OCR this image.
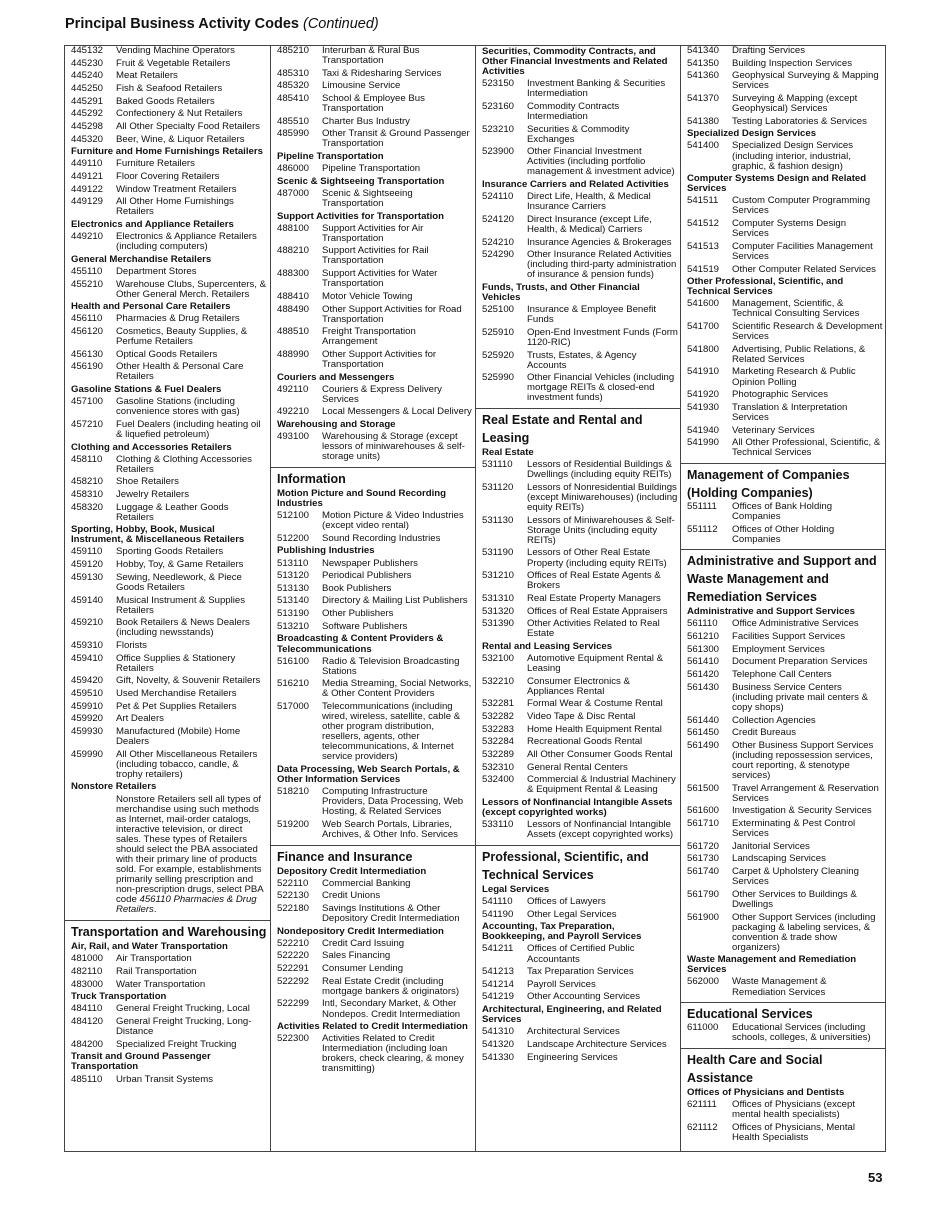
Principal Business Activity Codes (Continued)
445132	Vending Machine Operators
445230	Fruit & Vegetable Retailers
445240	Meat Retailers
445250	Fish & Seafood Retailers
445291	Baked Goods Retailers
445292	Confectionery & Nut Retailers
445298	All Other Specialty Food Retailers
445320	Beer, Wine, & Liquor Retailers
Furniture and Home Furnishings Retailers
449110	Furniture Retailers
449121	Floor Covering Retailers
449122	Window Treatment Retailers
449129	All Other Home Furnishings Retailers
Electronics and Appliance Retailers
449210	Electronics & Appliance Retailers (including computers)
General Merchandise Retailers
455110	Department Stores
455210	Warehouse Clubs, Supercenters, & Other General Merch. Retailers
Health and Personal Care Retailers
456110	Pharmacies & Drug Retailers
456120	Cosmetics, Beauty Supplies, & Perfume Retailers
456130	Optical Goods Retailers
456190	Other Health & Personal Care Retailers
Gasoline Stations & Fuel Dealers
457100	Gasoline Stations (including convenience stores with gas)
457210	Fuel Dealers (including heating oil & liquefied petroleum)
Clothing and Accessories Retailers
458110	Clothing & Clothing Accessories Retailers
458210	Shoe Retailers
458310	Jewelry Retailers
458320	Luggage & Leather Goods Retailers
Sporting, Hobby, Book, Musical Instrument, & Miscellaneous Retailers
459110	Sporting Goods Retailers
459120	Hobby, Toy, & Game Retailers
459130	Sewing, Needlework, & Piece Goods Retailers
459140	Musical Instrument & Supplies Retailers
459210	Book Retailers & News Dealers (including newsstands)
459310	Florists
459410	Office Supplies & Stationery Retailers
459420	Gift, Novelty, & Souvenir Retailers
459510	Used Merchandise Retailers
459910	Pet & Pet Supplies Retailers
459920	Art Dealers
459930	Manufactured (Mobile) Home Dealers
459990	All Other Miscellaneous Retailers (including tobacco, candle, & trophy retailers)
Nonstore Retailers
Nonstore Retailers sell all types of merchandise using such methods as Internet, mail-order catalogs, interactive television, or direct sales. These types of Retailers should select the PBA associated with their primary line of products sold. For example, establishments primarily selling prescription and non-prescription drugs, select PBA code 456110 Pharmacies & Drug Retailers.
Transportation and Warehousing
Air, Rail, and Water Transportation
481000	Air Transportation
482110	Rail Transportation
483000	Water Transportation
Truck Transportation
484110	General Freight Trucking, Local
484120	General Freight Trucking, Long-Distance
484200	Specialized Freight Trucking
Transit and Ground Passenger Transportation
485110	Urban Transit Systems
485210	Interurban & Rural Bus Transportation
485310	Taxi & Ridesharing Services
485320	Limousine Service
485410	School & Employee Bus Transportation
485510	Charter Bus Industry
485990	Other Transit & Ground Passenger Transportation
Pipeline Transportation
486000	Pipeline Transportation
Scenic & Sightseeing Transportation
487000	Scenic & Sightseeing Transportation
Support Activities for Transportation
488100	Support Activities for Air Transportation
488210	Support Activities for Rail Transportation
488300	Support Activities for Water Transportation
488410	Motor Vehicle Towing
488490	Other Support Activities for Road Transportation
488510	Freight Transportation Arrangement
488990	Other Support Activities for Transportation
Couriers and Messengers
492110	Couriers & Express Delivery Services
492210	Local Messengers & Local Delivery
Warehousing and Storage
493100	Warehousing & Storage (except lessors of miniwarehouses & self-storage units)
Information
Motion Picture and Sound Recording Industries
512100	Motion Picture & Video Industries (except video rental)
512200	Sound Recording Industries
Publishing Industries
513110	Newspaper Publishers
513120	Periodical Publishers
513130	Book Publishers
513140	Directory & Mailing List Publishers
513190	Other Publishers
513210	Software Publishers
Broadcasting & Content Providers & Telecommunications
516100	Radio & Television Broadcasting Stations
516210	Media Streaming, Social Networks, & Other Content Providers
517000	Telecommunications (including wired, wireless, satellite, cable & other program distribution, resellers, agents, other telecommunications, & Internet service providers)
Data Processing, Web Search Portals, & Other Information Services
518210	Computing Infrastructure Providers, Data Processing, Web Hosting, & Related Services
519200	Web Search Portals, Libraries, Archives, & Other Info. Services
Finance and Insurance
Depository Credit Intermediation
522110	Commercial Banking
522130	Credit Unions
522180	Savings Institutions & Other Depository Credit Intermediation
Nondepository Credit Intermediation
522210	Credit Card Issuing
522220	Sales Financing
522291	Consumer Lending
522292	Real Estate Credit (including mortgage bankers & originators)
522299	Intl, Secondary Market, & Other Nondepos. Credit Intermediation
Activities Related to Credit Intermediation
522300	Activities Related to Credit Intermediation (including loan brokers, check clearing, & money transmitting)
Securities, Commodity Contracts, and Other Financial Investments and Related Activities
523150	Investment Banking & Securities Intermediation
523160	Commodity Contracts Intermediation
523210	Securities & Commodity Exchanges
523900	Other Financial Investment Activities (including portfolio management & investment advice)
Insurance Carriers and Related Activities
524110	Direct Life, Health, & Medical Insurance Carriers
524120	Direct Insurance (except Life, Health, & Medical) Carriers
524210	Insurance Agencies & Brokerages
524290	Other Insurance Related Activities (including third-party administration of insurance & pension funds)
Funds, Trusts, and Other Financial Vehicles
525100	Insurance & Employee Benefit Funds
525910	Open-End Investment Funds (Form 1120-RIC)
525920	Trusts, Estates, & Agency Accounts
525990	Other Financial Vehicles (including mortgage REITs & closed-end investment funds)
Real Estate and Rental and Leasing
Real Estate
531110	Lessors of Residential Buildings & Dwellings (including equity REITs)
531120	Lessors of Nonresidential Buildings (except Miniwarehouses) (including equity REITs)
531130	Lessors of Miniwarehouses & Self-Storage Units (including equity REITs)
531190	Lessors of Other Real Estate Property (including equity REITs)
531210	Offices of Real Estate Agents & Brokers
531310	Real Estate Property Managers
531320	Offices of Real Estate Appraisers
531390	Other Activities Related to Real Estate
Rental and Leasing Services
532100	Automotive Equipment Rental & Leasing
532210	Consumer Electronics & Appliances Rental
532281	Formal Wear & Costume Rental
532282	Video Tape & Disc Rental
532283	Home Health Equipment Rental
532284	Recreational Goods Rental
532289	All Other Consumer Goods Rental
532310	General Rental Centers
532400	Commercial & Industrial Machinery & Equipment Rental & Leasing
Lessors of Nonfinancial Intangible Assets (except copyrighted works)
533110	Lessors of Nonfinancial Intangible Assets (except copyrighted works)
Professional, Scientific, and Technical Services
Legal Services
541110	Offices of Lawyers
541190	Other Legal Services
Accounting, Tax Preparation, Bookkeeping, and Payroll Services
541211	Offices of Certified Public Accountants
541213	Tax Preparation Services
541214	Payroll Services
541219	Other Accounting Services
Architectural, Engineering, and Related Services
541310	Architectural Services
541320	Landscape Architecture Services
541330	Engineering Services
541340	Drafting Services
541350	Building Inspection Services
541360	Geophysical Surveying & Mapping Services
541370	Surveying & Mapping (except Geophysical) Services
541380	Testing Laboratories & Services
Specialized Design Services
541400	Specialized Design Services (including interior, industrial, graphic, & fashion design)
Computer Systems Design and Related Services
541511	Custom Computer Programming Services
541512	Computer Systems Design Services
541513	Computer Facilities Management Services
541519	Other Computer Related Services
Other Professional, Scientific, and Technical Services
541600	Management, Scientific, & Technical Consulting Services
541700	Scientific Research & Development Services
541800	Advertising, Public Relations, & Related Services
541910	Marketing Research & Public Opinion Polling
541920	Photographic Services
541930	Translation & Interpretation Services
541940	Veterinary Services
541990	All Other Professional, Scientific, & Technical Services
Management of Companies (Holding Companies)
551111	Offices of Bank Holding Companies
551112	Offices of Other Holding Companies
Administrative and Support and Waste Management and Remediation Services
Administrative and Support Services
561110	Office Administrative Services
561210	Facilities Support Services
561300	Employment Services
561410	Document Preparation Services
561420	Telephone Call Centers
561430	Business Service Centers (including private mail centers & copy shops)
561440	Collection Agencies
561450	Credit Bureaus
561490	Other Business Support Services (including repossession services, court reporting, & stenotype services)
561500	Travel Arrangement & Reservation Services
561600	Investigation & Security Services
561710	Exterminating & Pest Control Services
561720	Janitorial Services
561730	Landscaping Services
561740	Carpet & Upholstery Cleaning Services
561790	Other Services to Buildings & Dwellings
561900	Other Support Services (including packaging & labeling services, & convention & trade show organizers)
Waste Management and Remediation Services
562000	Waste Management & Remediation Services
Educational Services
611000	Educational Services (including schools, colleges, & universities)
Health Care and Social Assistance
Offices of Physicians and Dentists
621111	Offices of Physicians (except mental health specialists)
621112	Offices of Physicians, Mental Health Specialists
53
